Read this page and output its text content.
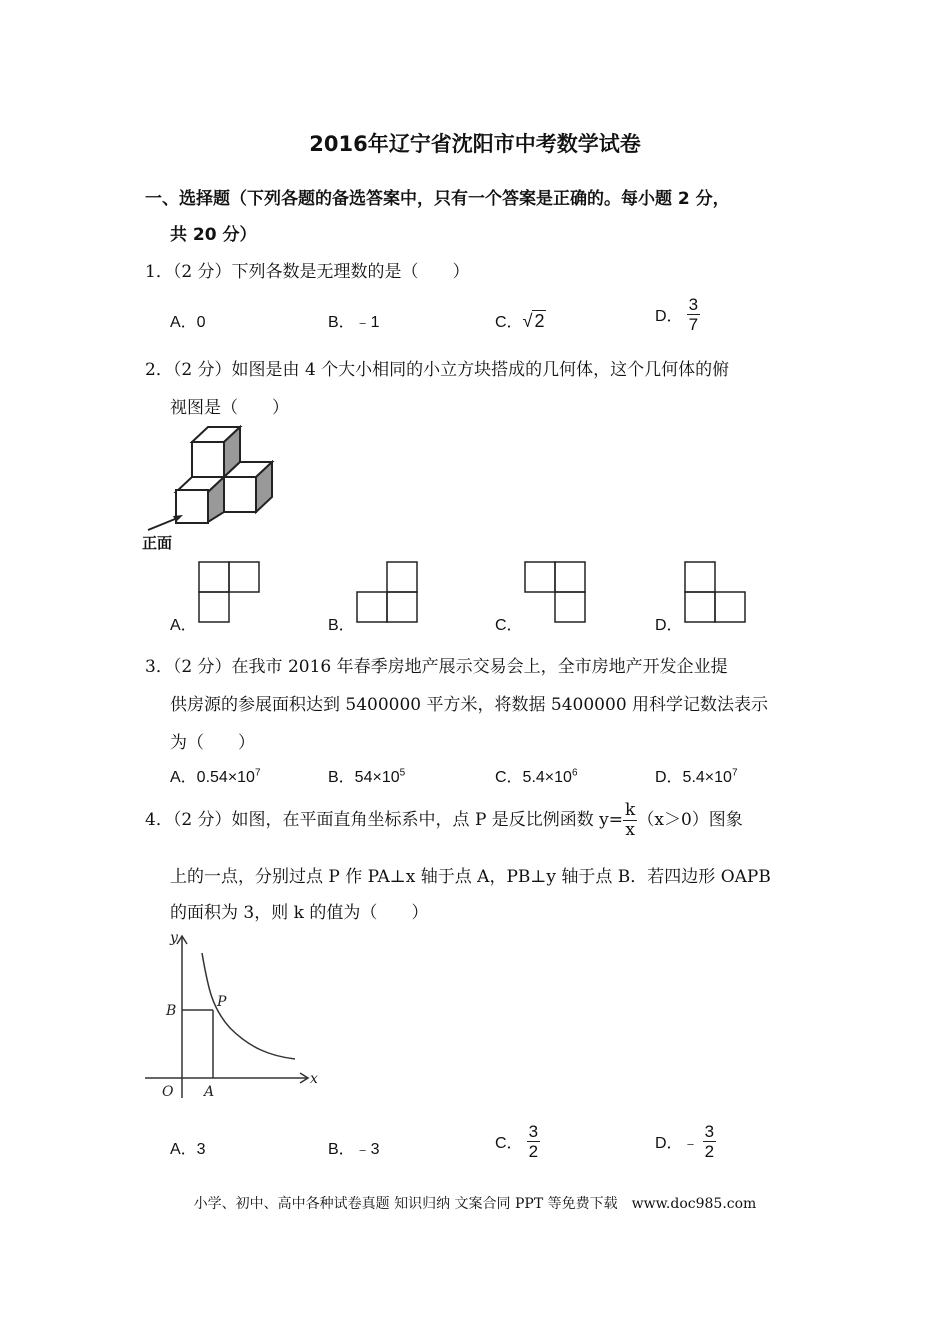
2016年辽宁省沈阳市中考数学试卷
一、选择题（下列各题的备选答案中，只有一个答案是正确的。每小题 2 分，
共 20 分）
1．（2 分）下列各数是无理数的是（　　）
A．0	B．﹣1	C．√ 2	D． $\frac{3}{7}$
2．（2 分）如图是由 4 个大小相同的小立方块搭成的几何体，这个几何体的俯
视图是（　　）
正面
A．	B．	C．	D．
3．（2 分）在我市 2016 年春季房地产展示交易会上，全市房地产开发企业提
供房源的参展面积达到 5400000 平方米，将数据 5400000 用科学记数法表示
为（　　）
A．$0.54\times 10^7$	B．$54\times 10^5$	C．$5.4\times 10^6$	D．$5.4\times 10^7$
4．（2 分）如图，在平面直角坐标系中，点 P 是反比例函数 $y= \frac{k}{x} (x>0)$图象
上的一点，分别过点 P 作 PA⊥x 轴于点 A，PB⊥y 轴于点 B．若四边形 OAPB
的面积为 3，则 k 的值为（　　）
y
x
O A
B
P
A．3	B．﹣3	C． $\frac{3}{2}$	D．﹣ $\frac{3}{2}$
小学、初中、高中各种试卷真题 知识归纳 文案合同 PPT 等免费下载　www.doc985.com
